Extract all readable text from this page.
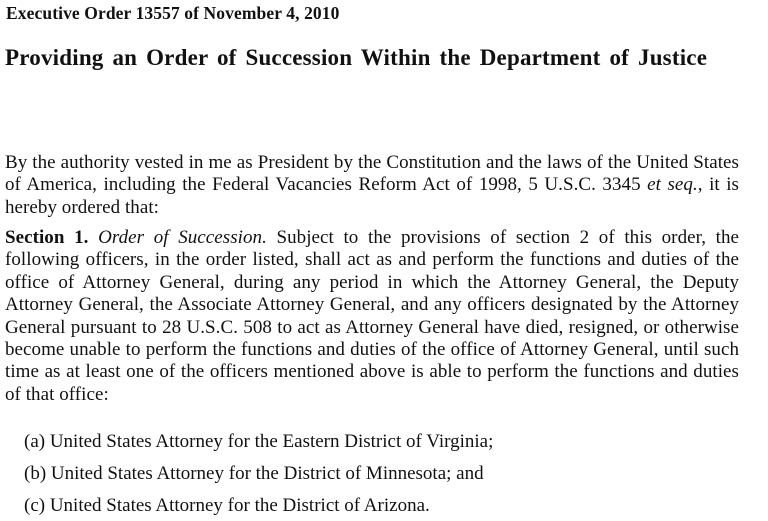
Executive Order 13557 of November 4, 2010
Providing an Order of Succession Within the Department of Justice
By the authority vested in me as President by the Constitution and the laws of the United States of America, including the Federal Vacancies Reform Act of 1998, 5 U.S.C. 3345 et seq., it is hereby ordered that:
Section 1. Order of Succession. Subject to the provisions of section 2 of this order, the following officers, in the order listed, shall act as and perform the functions and duties of the office of Attorney General, during any period in which the Attorney General, the Deputy Attorney General, the Associate Attorney General, and any officers designated by the Attorney General pursuant to 28 U.S.C. 508 to act as Attorney General have died, resigned, or otherwise become unable to perform the functions and duties of the office of Attorney General, until such time as at least one of the officers mentioned above is able to perform the functions and duties of that office:
(a) United States Attorney for the Eastern District of Virginia;
(b) United States Attorney for the District of Minnesota; and
(c) United States Attorney for the District of Arizona.
